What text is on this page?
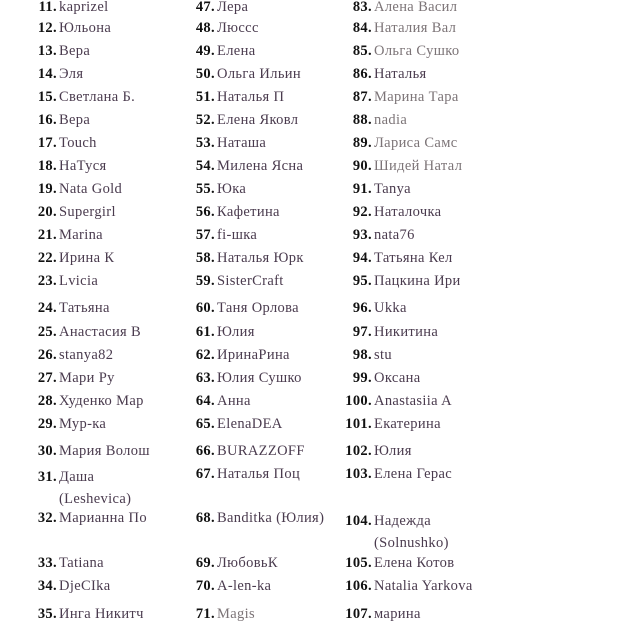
11. kaprizel
12. Юльона
13. Вера
14. Эля
15. Светлана Б.
16. Вера
17. Touch
18. НаТуся
19. Nata Gold
20. Supergirl
21. Marina
22. Ирина К
23. Lvicia
24. Татьяна
25. Анастасия В
26. stanya82
27. Мари Ру
28. Худенко Мар
29. Мур-ка
30. Мария Волош
31. Даша (Leshevica)
32. Марианна По
33. Tatiana
34. DjeCIka
35. Инга Никитч
47. Лера
48. Люсcс
49. Елена
50. Ольга Ильин
51. Наталья П
52. Елена Яковл
53. Наташа
54. Милена Ясна
55. Юка
56. Кафетина
57. fi-шка
58. Наталья Юрк
59. SisterCraft
60. Таня Орлова
61. Юлия
62. ИринаРина
63. Юлия Сушко
64. Анна
65. ElenaDEA
66. BURAZZOFF
67. Наталья Поц
68. Banditka (Юлия)
69. ЛюбовьК
70. A-len-ka
71. Magis
83. Алена Васил
84. Наталия Вал
85. Ольга Сушко
86. Наталья
87. Марина Тара
88. nadia
89. Лариса Самс
90. Шидей Натал
91. Tanya
92. Наталочка
93. nata76
94. Татьяна Кел
95. Пацкина Ири
96. Ukka
97. Никитина
98. stu
99. Оксана
100. Anastasiia A
101. Екатерина
102. Юлия
103. Елена Герас
104. Надежда (Solnushko)
105. Елена Котов
106. Natalia Yarkova
107. марина
